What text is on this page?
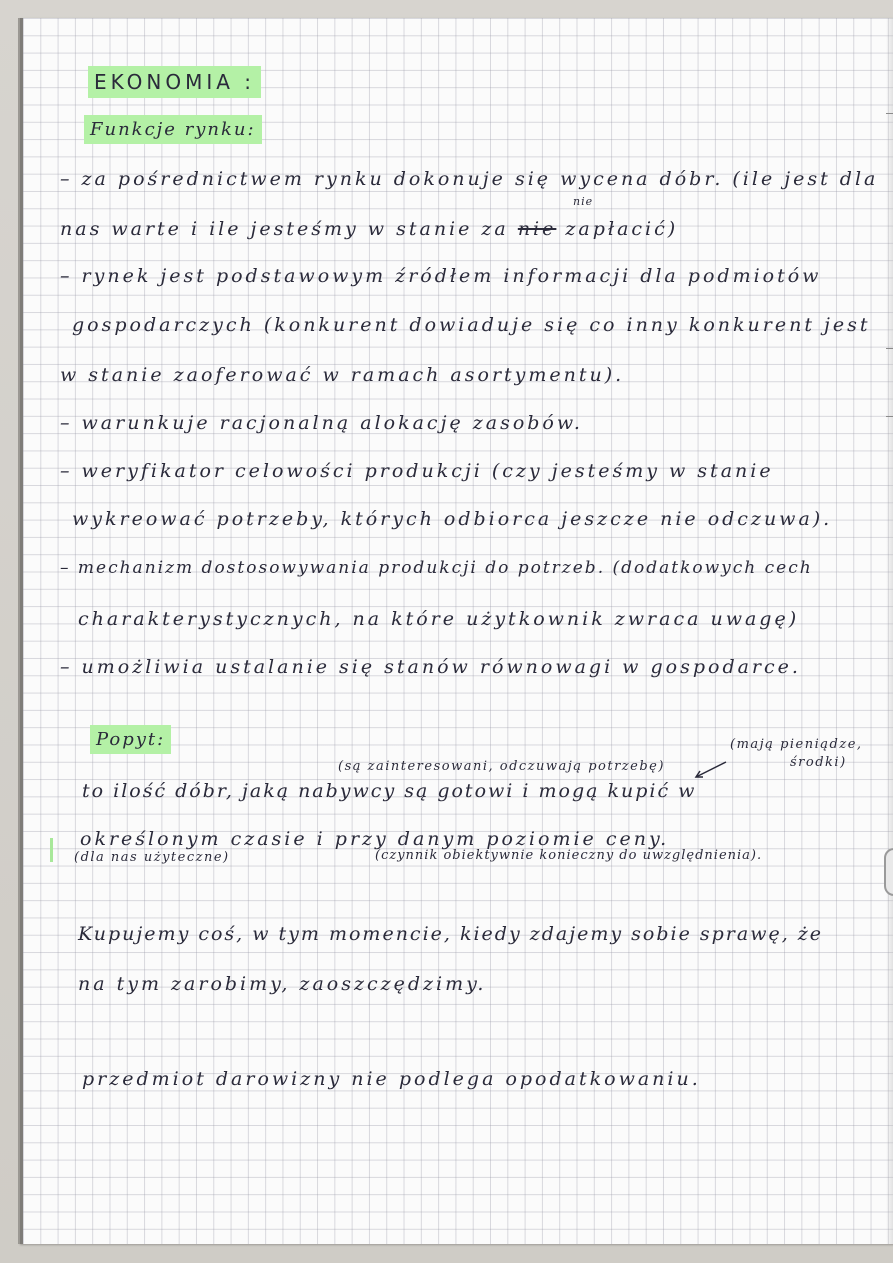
EKONOMIA :

Funkcje rynku:

– za pośrednictwem rynku dokonuje się wycena dóbr. (ile jest dla

nas warte i ile jesteśmy w stanie za nie zapłacić)

nie

– rynek jest podstawowym źródłem informacji dla podmiotów

gospodarczych (konkurent dowiaduje się co inny konkurent jest

w stanie zaoferować w ramach asortymentu).

– warunkuje racjonalną alokację zasobów.

– weryfikator celowości produkcji (czy jesteśmy w stanie

wykreować potrzeby, których odbiorca jeszcze nie odczuwa).

– mechanizm dostosowywania produkcji do potrzeb. (dodatkowych cech

charakterystycznych, na które użytkownik zwraca uwagę)

– umożliwia ustalanie się stanów równowagi w gospodarce.

Popyt:

(są zainteresowani, odczuwają potrzebę)

(mają pieniądze,

środki)

to ilość dóbr, jaką nabywcy są gotowi i mogą kupić w

określonym czasie i przy danym poziomie ceny.

(dla nas użyteczne)	(czynnik obiektywnie konieczny do uwzględnienia).

Kupujemy coś, w tym momencie, kiedy zdajemy sobie sprawę, że

na tym zarobimy, zaoszczędzimy.

przedmiot darowizny nie podlega opodatkowaniu.
